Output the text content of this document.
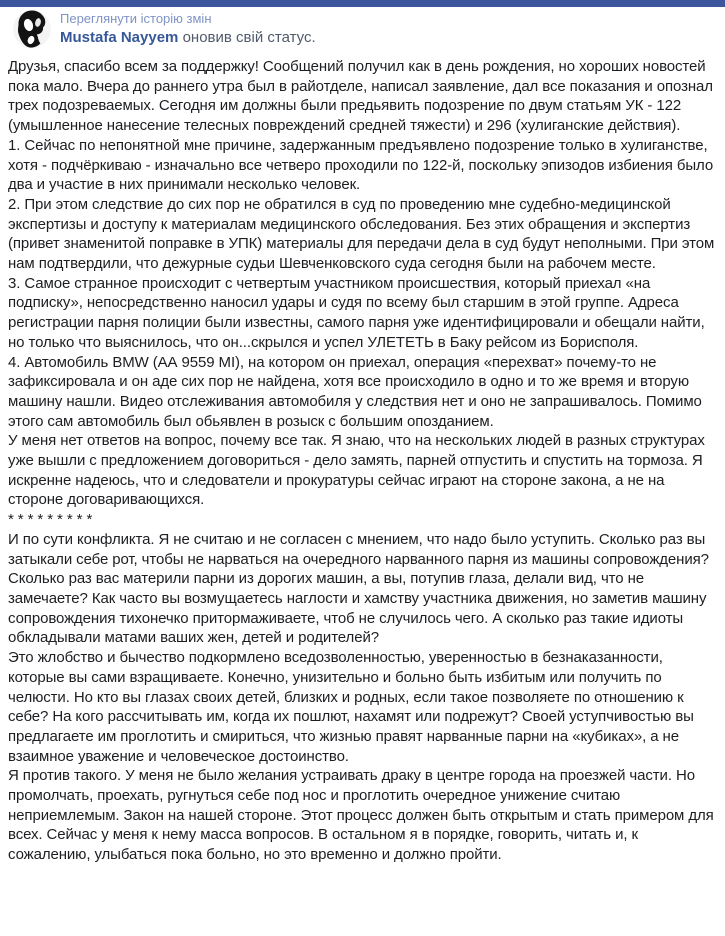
Переглянути історію змін
Mustafa Nayyem оновив свій статус.

Друзья, спасибо всем за поддержку! Сообщений получил как в день рождения, но хороших новостей пока мало. Вчера до раннего утра был в райотделе, написал заявление, дал все показания и опознал трех подозреваемых. Сегодня им должны были предьявить подозрение по двум статьям УК - 122 (умышленное нанесение телесных повреждений средней тяжести) и 296 (хулиганские действия).

1. Сейчас по непонятной мне причине, задержанным предъявлено подозрение только в хулиганстве, хотя - подчёркиваю - изначально все четверо проходили по 122-й, поскольку эпизодов избиения было два и участие в них принимали несколько человек.

2. При этом следствие до сих пор не обратился в суд по проведению мне судебно-медицинской экспертизы и доступу к материалам медицинского обследования. Без этих обращения и экспертиз (привет знаменитой поправке в УПК) материалы для передачи дела в суд будут неполными. При этом нам подтвердили, что дежурные судьи Шевченковского суда сегодня были на рабочем месте.

3. Самое странное происходит с четвертым участником происшествия, который приехал «на подписку», непосредственно наносил удары и судя по всему был старшим в этой группе. Адреса регистрации парня полиции были известны, самого парня уже идентифицировали и обещали найти, но только что выяснилось, что он...скрылся и успел УЛЕТЕТЬ в Баку рейсом из Борисполя.

4. Автомобиль BMW (АА 9559 МІ), на котором он приехал, операция «перехват» почему-то не зафиксировала и он аде сих пор не найдена, хотя все происходило в одно и то же время и вторую машину нашли. Видео отслеживания автомобиля у следствия нет и оно не запрашивалось. Помимо этого сам автомобиль был обьявлен в розыск с большим опозданием.

У меня нет ответов на вопрос, почему все так. Я знаю, что на нескольких людей в разных структурах уже вышли с предложением договориться - дело замять, парней отпустить и спустить на тормоза. Я искренне надеюсь, что и следователи и прокуратуры сейчас играют на стороне закона, а не на стороне договаривающихся.

* * * * * * * * *

И по сути конфликта. Я не считаю и не согласен с мнением, что надо было уступить. Сколько раз вы затыкали себе рот, чтобы не нарваться на очередного нарванного парня из машины сопровождения? Сколько раз вас материли парни из дорогих машин, а вы, потупив глаза, делали вид, что не замечаете? Как часто вы возмущаетесь наглости и хамству участника движения, но заметив машину сопровождения тихонечко притормаживаете, чтоб не случилось чего. А сколько раз такие идиоты обкладывали матами ваших жен, детей и родителей?

Это жлобство и бычество подкормлено вседозволенностью, уверенностью в безнаказанности, которые вы сами взращиваете. Конечно, унизительно и больно быть избитым или получить по челюсти. Но кто вы глазах своих детей, близких и родных, если такое позволяете по отношению к себе? На кого рассчитывать им, когда их пошлют, нахамят или подрежут? Своей уступчивостью вы предлагаете им проглотить и смириться, что жизнью правят нарванные парни на «кубиках», а не взаимное уважение и человеческое достоинство.

Я против такого. У меня не было желания устраивать драку в центре города на проезжей части. Но промолчать, проехать, ругнуться себе под нос и проглотить очередное унижение считаю неприемлемым. Закон на нашей стороне. Этот процесс должен быть открытым и стать примером для всех. Сейчас у меня к нему масса вопросов. В остальном я в порядке, говорить, читать и, к сожалению, улыбаться пока больно, но это временно и должно пройти.
